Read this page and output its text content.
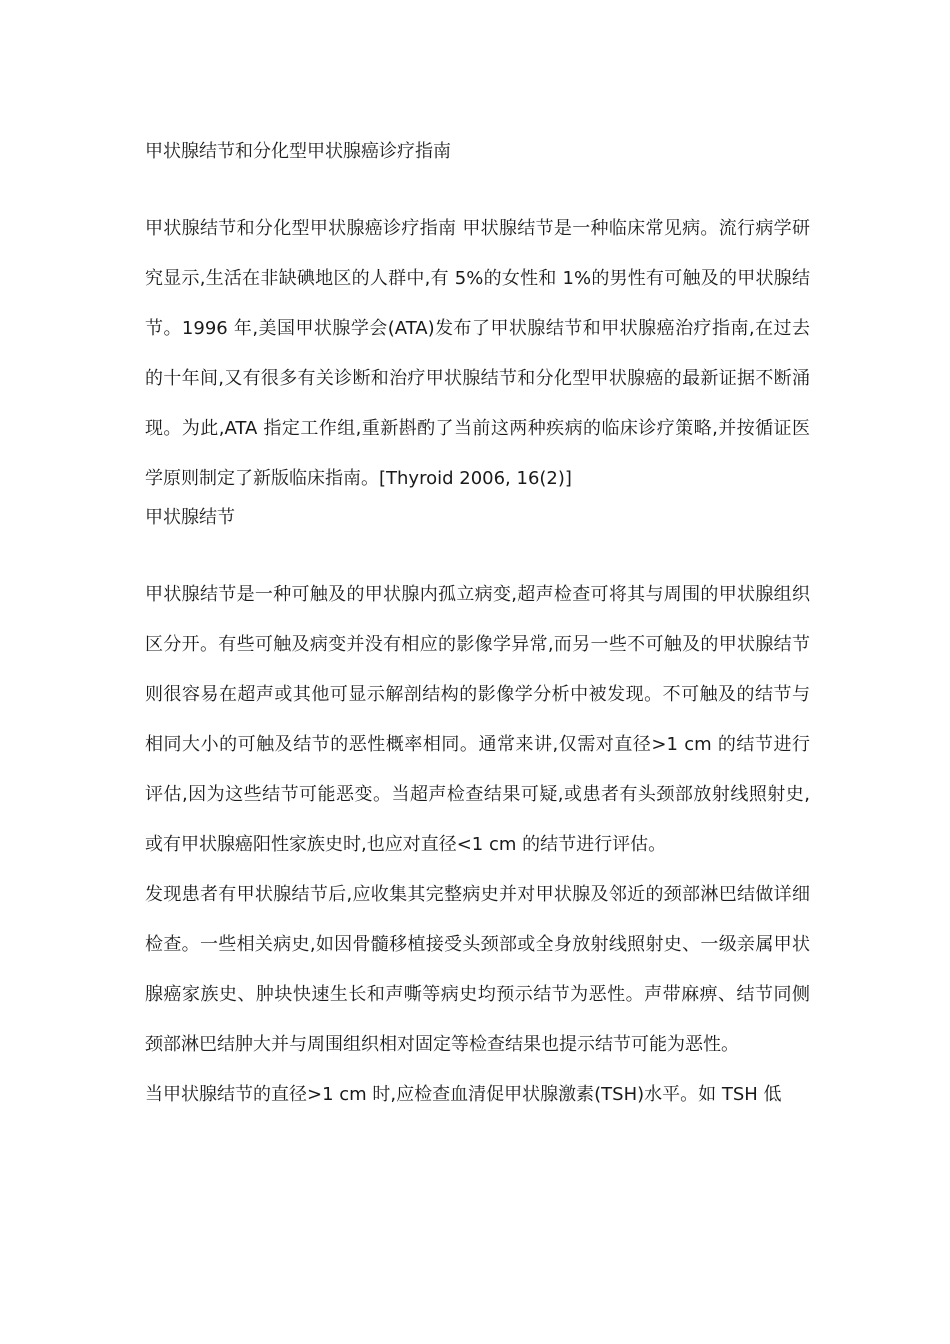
甲状腺结节和分化型甲状腺癌诊疗指南

甲状腺结节和分化型甲状腺癌诊疗指南 甲状腺结节是一种临床常见病。流行病学研究显示,生活在非缺碘地区的人群中,有 5%的女性和 1%的男性有可触及的甲状腺结节。1996 年,美国甲状腺学会(ATA)发布了甲状腺结节和甲状腺癌治疗指南,在过去的十年间,又有很多有关诊断和治疗甲状腺结节和分化型甲状腺癌的最新证据不断涌现。为此,ATA 指定工作组,重新斟酌了当前这两种疾病的临床诊疗策略,并按循证医学原则制定了新版临床指南。[Thyroid 2006, 16(2)]

甲状腺结节

甲状腺结节是一种可触及的甲状腺内孤立病变,超声检查可将其与周围的甲状腺组织区分开。有些可触及病变并没有相应的影像学异常,而另一些不可触及的甲状腺结节则很容易在超声或其他可显示解剖结构的影像学分析中被发现。不可触及的结节与相同大小的可触及结节的恶性概率相同。通常来讲,仅需对直径>1 cm 的结节进行评估,因为这些结节可能恶变。当超声检查结果可疑,或患者有头颈部放射线照射史,或有甲状腺癌阳性家族史时,也应对直径<1 cm 的结节进行评估。

发现患者有甲状腺结节后,应收集其完整病史并对甲状腺及邻近的颈部淋巴结做详细检查。一些相关病史,如因骨髓移植接受头颈部或全身放射线照射史、一级亲属甲状腺癌家族史、肿块快速生长和声嘶等病史均预示结节为恶性。声带麻痹、结节同侧颈部淋巴结肿大并与周围组织相对固定等检查结果也提示结节可能为恶性。

当甲状腺结节的直径>1 cm 时,应检查血清促甲状腺激素(TSH)水平。如 TSH 低
